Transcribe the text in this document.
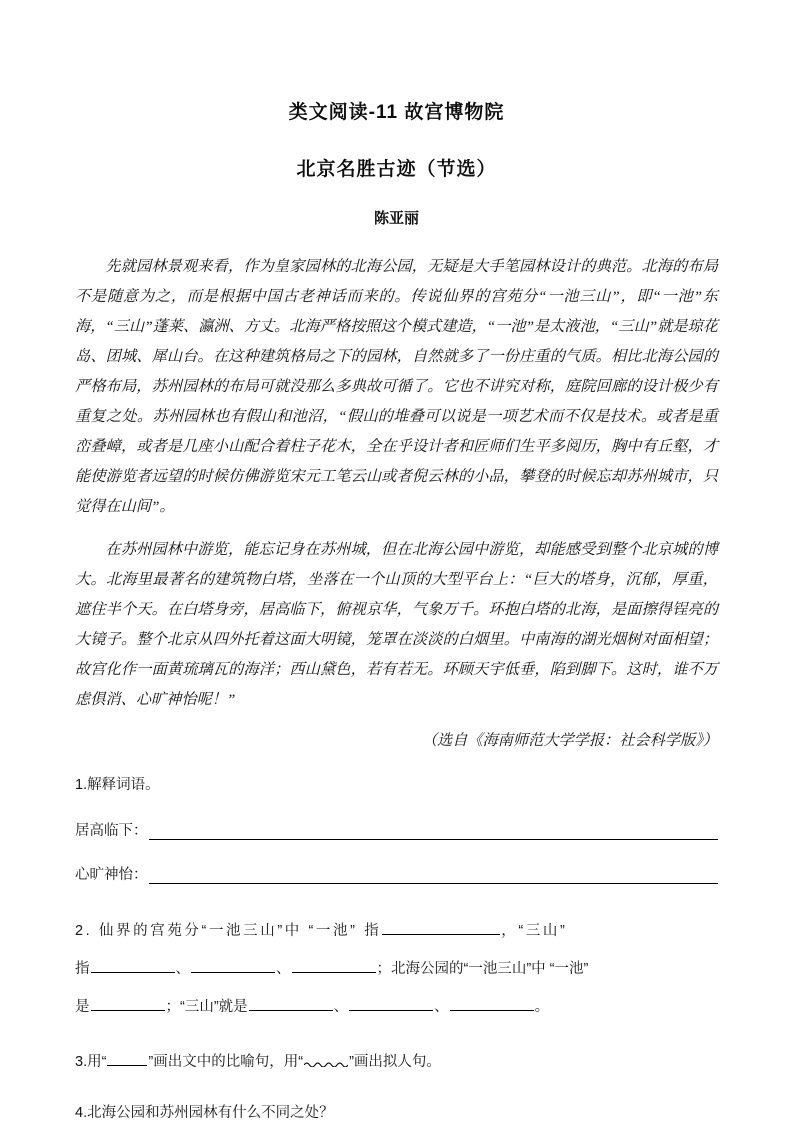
类文阅读-11 故宫博物院
北京名胜古迹（节选）
陈亚丽

先就园林景观来看，作为皇家园林的北海公园，无疑是大手笔园林设计的典范。北海的布局不是随意为之，而是根据中国古老神话而来的。传说仙界的宫苑分“一池三山”，即“一池”东海，“三山”蓬莱、瀛洲、方丈。北海严格按照这个模式建造，“一池”是太液池，“三山”就是琼花岛、团城、犀山台。在这种建筑格局之下的园林，自然就多了一份庄重的气质。相比北海公园的严格布局，苏州园林的布局可就没那么多典故可循了。它也不讲究对称，庭院回廊的设计极少有重复之处。苏州园林也有假山和池沼，“假山的堆叠可以说是一项艺术而不仅是技术。或者是重峦叠嶂，或者是几座小山配合着柱子花木，全在乎设计者和匠师们生平多阅历，胸中有丘壑，才能使游览者远望的时候仿佛游览宋元工笔云山或者倪云林的小品，攀登的时候忘却苏州城市，只觉得在山间”。

在苏州园林中游览，能忘记身在苏州城，但在北海公园中游览，却能感受到整个北京城的博大。北海里最著名的建筑物白塔，坐落在一个山顶的大型平台上：“巨大的塔身，沉郁，厚重，遮住半个天。在白塔身旁，居高临下，俯视京华，气象万千。环抱白塔的北海，是面擦得锃亮的大镜子。整个北京从四外托着这面大明镜，笼罩在淡淡的白烟里。中南海的湖光烟树对面相望；故宫化作一面黄琉璃瓦的海洋；西山黛色，若有若无。环顾天宇低垂，陷到脚下。这时，谁不万虑俱消、心旷神怡呢！”

（选自《海南师范大学学报：社会科学版》）
1.解释词语。
居高临下：
心旷神怡：
2. 仙界的宫苑分“一池三山”中 “一池” 指	，“三山”
指	、	、	；北海公园的“一池三山”中 “一池”
是	；“三山”就是	、	、	。
3.用“	”画出文中的比喻句，用“	”画出拟人句。
4.北海公园和苏州园林有什么不同之处？
